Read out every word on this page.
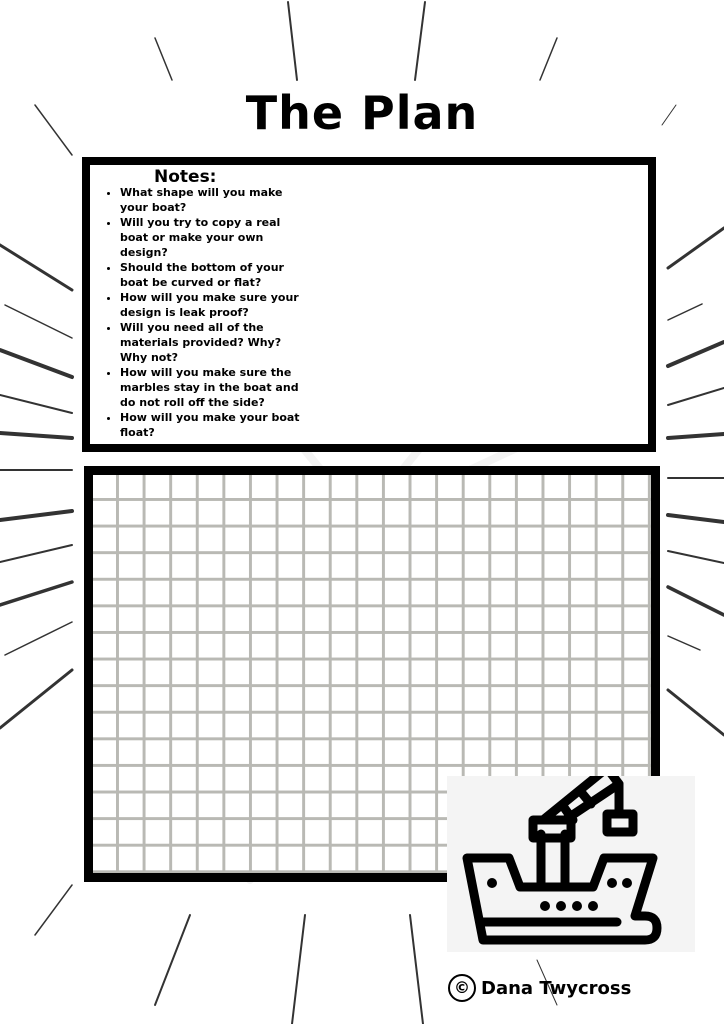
The Plan
Notes:
• What shape will you make your boat?
• Will you try to copy a real boat or make your own design?
• Should the bottom of your boat be curved or flat?
• How will you make sure your design is leak proof?
• Will you need all of the materials provided? Why? Why not?
• How will you make sure the marbles stay in the boat and do not roll off the side?
• How will you make your boat float?
© Dana Twycross
